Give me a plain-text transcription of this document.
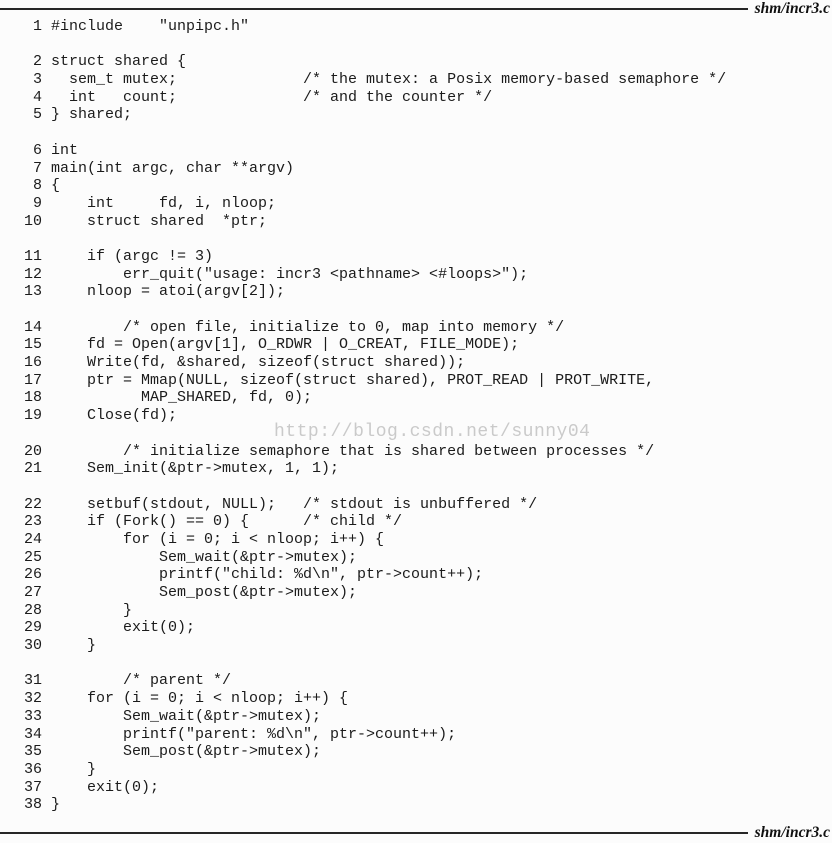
shm/incr3.c
1 #include    "unpipc.h"
2 struct shared {
3  sem_t mutex;              /* the mutex: a Posix memory-based semaphore */
4  int   count;              /* and the counter */
5 } shared;
6 int
7 main(int argc, char **argv)
8 {
9    int     fd, i, nloop;
10    struct shared  *ptr;
11    if (argc != 3)
12        err_quit("usage: incr3 <pathname> <#loops>");
13    nloop = atoi(argv[2]);
14        /* open file, initialize to 0, map into memory */
15    fd = Open(argv[1], O_RDWR | O_CREAT, FILE_MODE);
16    Write(fd, &shared, sizeof(struct shared));
17    ptr = Mmap(NULL, sizeof(struct shared), PROT_READ | PROT_WRITE,
18          MAP_SHARED, fd, 0);
19    Close(fd);
20        /* initialize semaphore that is shared between processes */
21    Sem_init(&ptr->mutex, 1, 1);
22    setbuf(stdout, NULL);   /* stdout is unbuffered */
23    if (Fork() == 0) {      /* child */
24        for (i = 0; i < nloop; i++) {
25            Sem_wait(&ptr->mutex);
26            printf("child: %d\n", ptr->count++);
27            Sem_post(&ptr->mutex);
28        }
29        exit(0);
30    }
31        /* parent */
32    for (i = 0; i < nloop; i++) {
33        Sem_wait(&ptr->mutex);
34        printf("parent: %d\n", ptr->count++);
35        Sem_post(&ptr->mutex);
36    }
37    exit(0);
38 }
http://blog.csdn.net/sunny04
shm/incr3.c
